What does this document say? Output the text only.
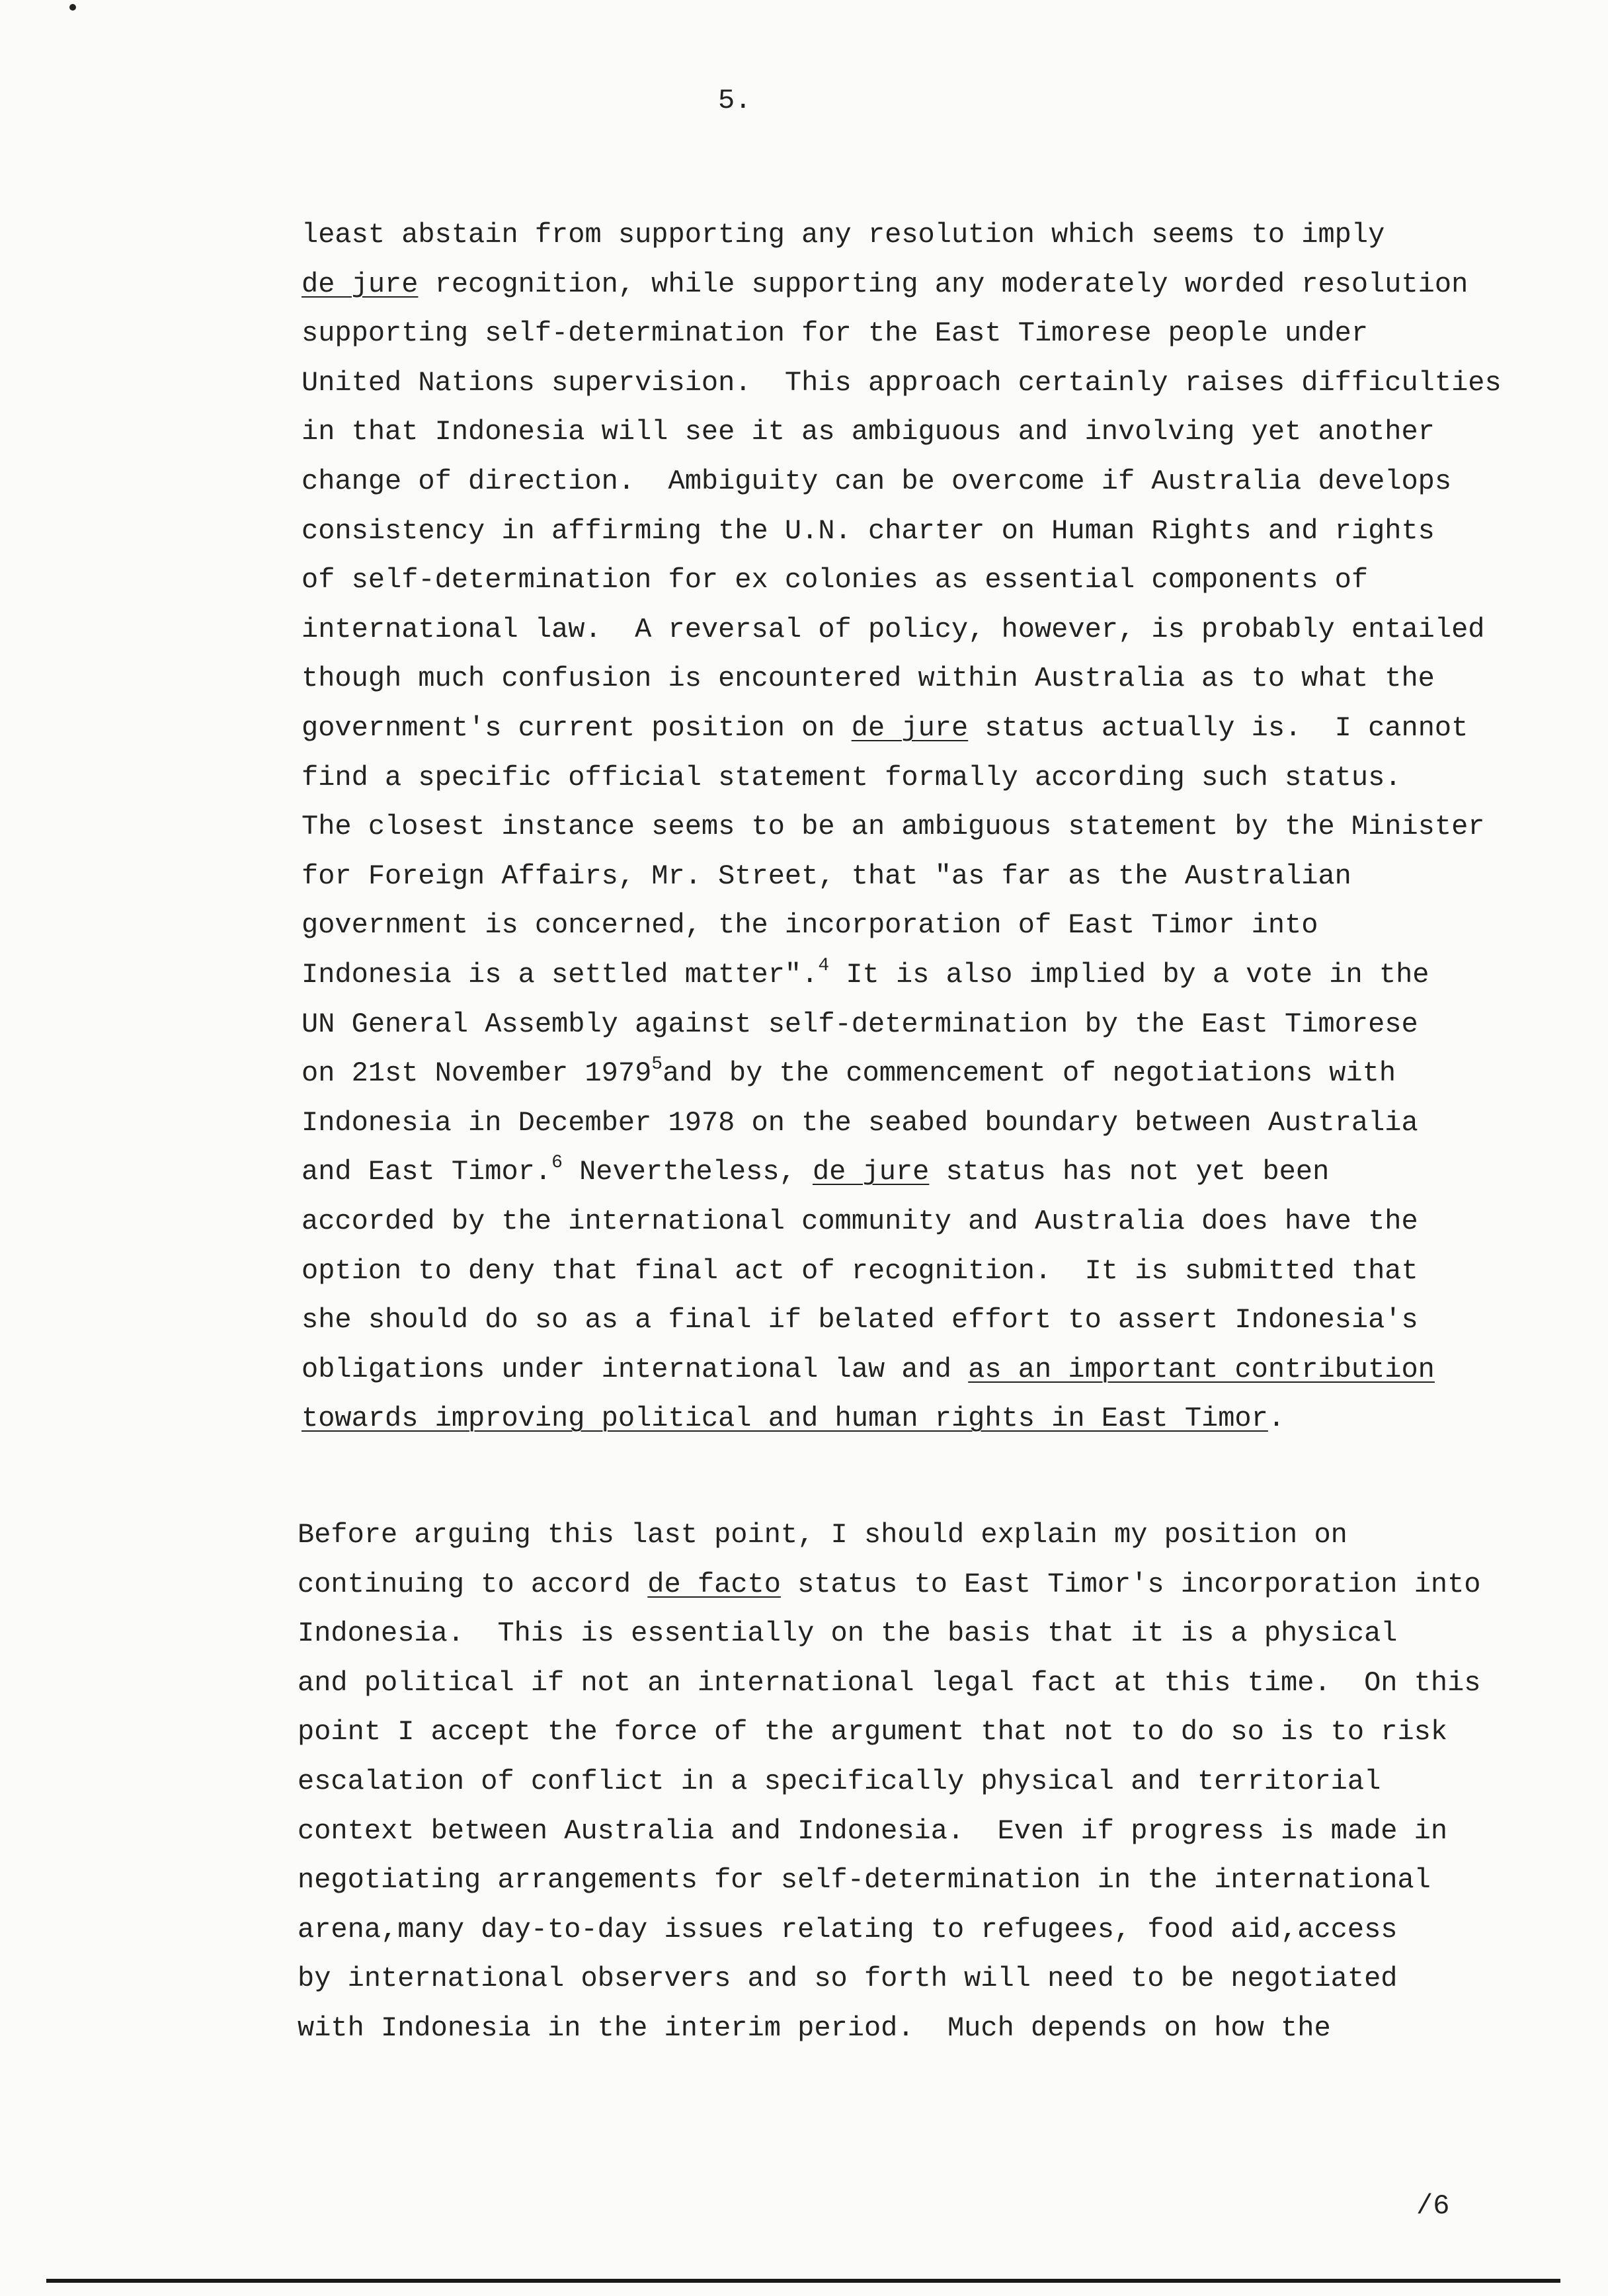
5.
least abstain from supporting any resolution which seems to imply
de jure recognition, while supporting any moderately worded resolution
supporting self-determination for the East Timorese people under
United Nations supervision.  This approach certainly raises difficulties
in that Indonesia will see it as ambiguous and involving yet another
change of direction.  Ambiguity can be overcome if Australia develops
consistency in affirming the U.N. charter on Human Rights and rights
of self-determination for ex colonies as essential components of
international law.  A reversal of policy, however, is probably entailed
though much confusion is encountered within Australia as to what the
government's current position on de jure status actually is.  I cannot
find a specific official statement formally according such status.
The closest instance seems to be an ambiguous statement by the Minister
for Foreign Affairs, Mr. Street, that "as far as the Australian
government is concerned, the incorporation of East Timor into
Indonesia is a settled matter".$^4$ It is also implied by a vote in the
UN General Assembly against self-determination by the East Timorese
on 21st November 1979$^5$and by the commencement of negotiations with
Indonesia in December 1978 on the seabed boundary between Australia
and East Timor.$^6$ Nevertheless, de jure status has not yet been
accorded by the international community and Australia does have the
option to deny that final act of recognition.  It is submitted that
she should do so as a final if belated effort to assert Indonesia's
obligations under international law and as an important contribution
towards improving political and human rights in East Timor.
Before arguing this last point, I should explain my position on
continuing to accord de facto status to East Timor's incorporation into
Indonesia.  This is essentially on the basis that it is a physical
and political if not an international legal fact at this time.  On this
point I accept the force of the argument that not to do so is to risk
escalation of conflict in a specifically physical and territorial
context between Australia and Indonesia.  Even if progress is made in
negotiating arrangements for self-determination in the international
arena,many day-to-day issues relating to refugees, food aid,access
by international observers and so forth will need to be negotiated
with Indonesia in the interim period.  Much depends on how the
/6
